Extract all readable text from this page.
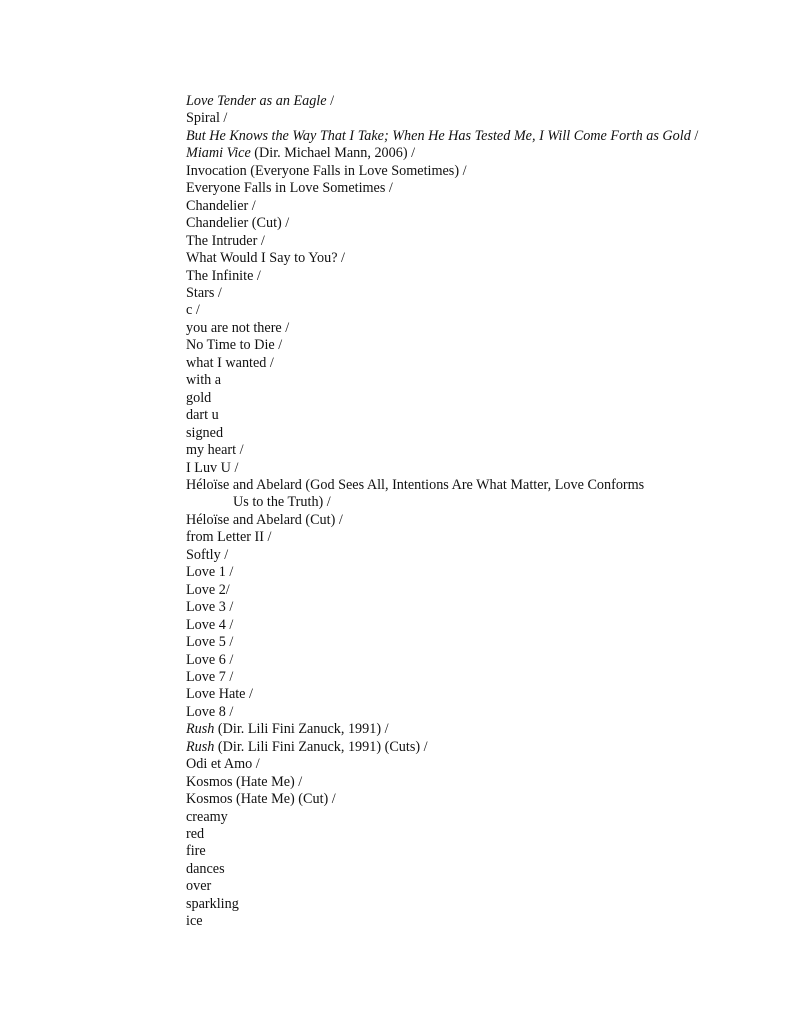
Love Tender as an Eagle /
Spiral /
But He Knows the Way That I Take; When He Has Tested Me, I Will Come Forth as Gold /
Miami Vice (Dir. Michael Mann, 2006) /
Invocation (Everyone Falls in Love Sometimes) /
Everyone Falls in Love Sometimes /
Chandelier /
Chandelier (Cut) /
The Intruder /
What Would I Say to You? /
The Infinite /
Stars /
c /
you are not there /
No Time to Die /
what I wanted /
with a
gold
dart u
signed
my heart /
I Luv U /
Héloïse and Abelard (God Sees All, Intentions Are What Matter, Love Conforms
Us to the Truth) /
Héloïse and Abelard (Cut) /
from Letter II /
Softly /
Love 1 /
Love 2/
Love 3 /
Love 4 /
Love 5 /
Love 6 /
Love 7 /
Love Hate /
Love 8 /
Rush (Dir. Lili Fini Zanuck, 1991) /
Rush (Dir. Lili Fini Zanuck, 1991) (Cuts) /
Odi et Amo /
Kosmos (Hate Me) /
Kosmos (Hate Me) (Cut) /
creamy
red
fire
dances
over
sparkling
ice
